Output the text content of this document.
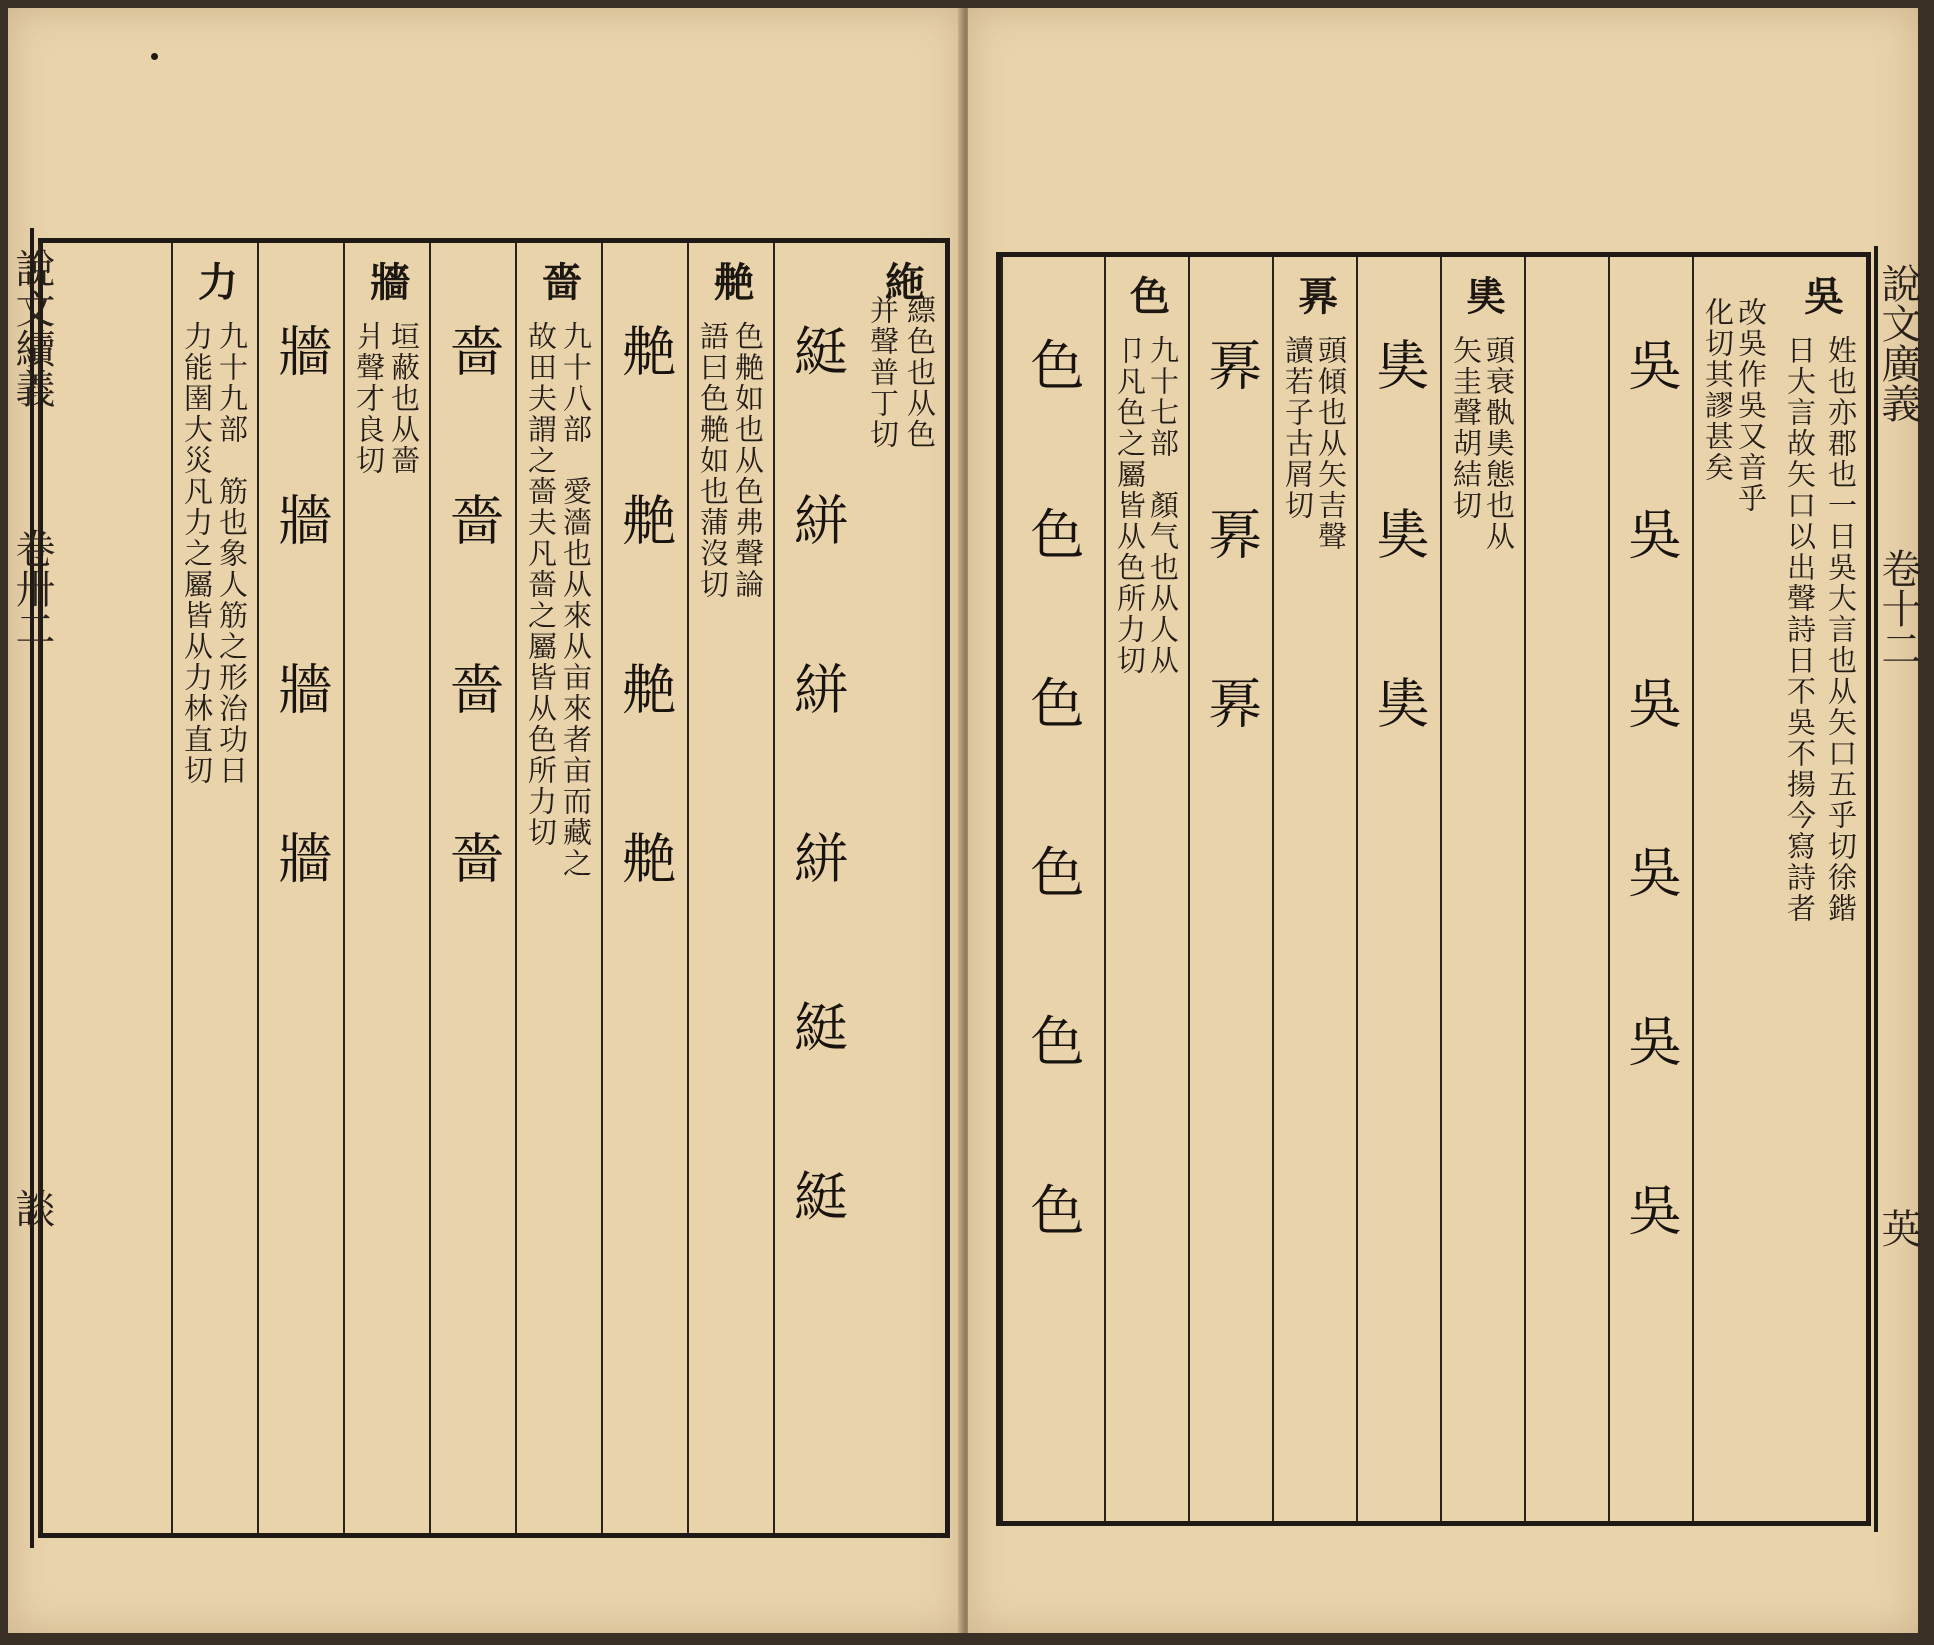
說文續義
卷卅二
談
絁
縹色也从色
并聲普丁切
綎 絣 絣 絣 綎 綎
艴
色艴如也从色弗聲論
語曰色艴如也蒲沒切
艴 艴 艴 艴
嗇
九十八部　愛濇也从來从亩來者亩而藏之
故田夫謂之嗇夫凡嗇之屬皆从色所力切
嗇 嗇 嗇 嗇
牆
垣蔽也从嗇
爿聲才良切
牆 牆 牆 牆
力
九十九部　筋也象人筋之形治功日
力能圉大災凡力之屬皆从力林直切	說文廣義
卷十二
英
吳
姓也亦郡也一日吳大言也从矢口五乎切徐鍇
日大言故矢口以出聲詩日不吳不揚今寫詩者
改吳作吳又音乎
化切其謬甚矣
吳 吳 吳 吳 吳 吳
奊
頭衰骫奊態也从
矢圭聲胡結切
奊 奊 奊
奡
頭傾也从矢吉聲
讀若子古屑切
奡 奡 奡
色
九十七部　顏气也从人从
卩凡色之屬皆从色所力切
色 色 色 色 色 色
